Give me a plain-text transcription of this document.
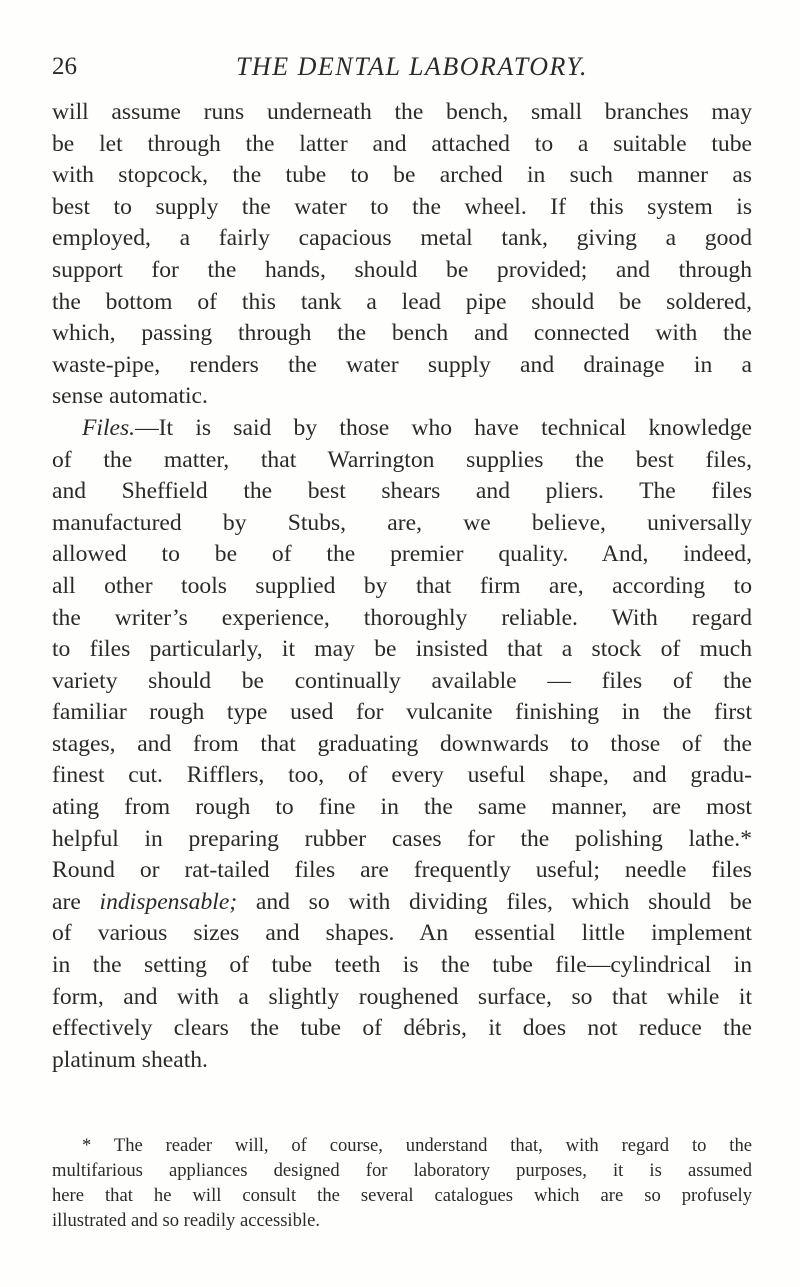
26	THE DENTAL LABORATORY.

will assume runs underneath the bench, small branches may
be let through the latter and attached to a suitable tube
with stopcock, the tube to be arched in such manner as
best to supply the water to the wheel. If this system is
employed, a fairly capacious metal tank, giving a good
support for the hands, should be provided; and through
the bottom of this tank a lead pipe should be soldered,
which, passing through the bench and connected with the
waste-pipe, renders the water supply and drainage in a
sense automatic.

Files.—It is said by those who have technical knowledge
of the matter, that Warrington supplies the best files,
and Sheffield the best shears and pliers. The files
manufactured by Stubs, are, we believe, universally
allowed to be of the premier quality. And, indeed,
all other tools supplied by that firm are, according to
the writer’s experience, thoroughly reliable. With regard
to files particularly, it may be insisted that a stock of much
variety should be continually available — files of the
familiar rough type used for vulcanite finishing in the first
stages, and from that graduating downwards to those of the
finest cut. Rifflers, too, of every useful shape, and gradu-
ating from rough to fine in the same manner, are most
helpful in preparing rubber cases for the polishing lathe.*
Round or rat-tailed files are frequently useful; needle files
are indispensable; and so with dividing files, which should be
of various sizes and shapes. An essential little implement
in the setting of tube teeth is the tube file—cylindrical in
form, and with a slightly roughened surface, so that while it
effectively clears the tube of débris, it does not reduce the
platinum sheath.

* The reader will, of course, understand that, with regard to the
multifarious appliances designed for laboratory purposes, it is assumed
here that he will consult the several catalogues which are so profusely
illustrated and so readily accessible.
